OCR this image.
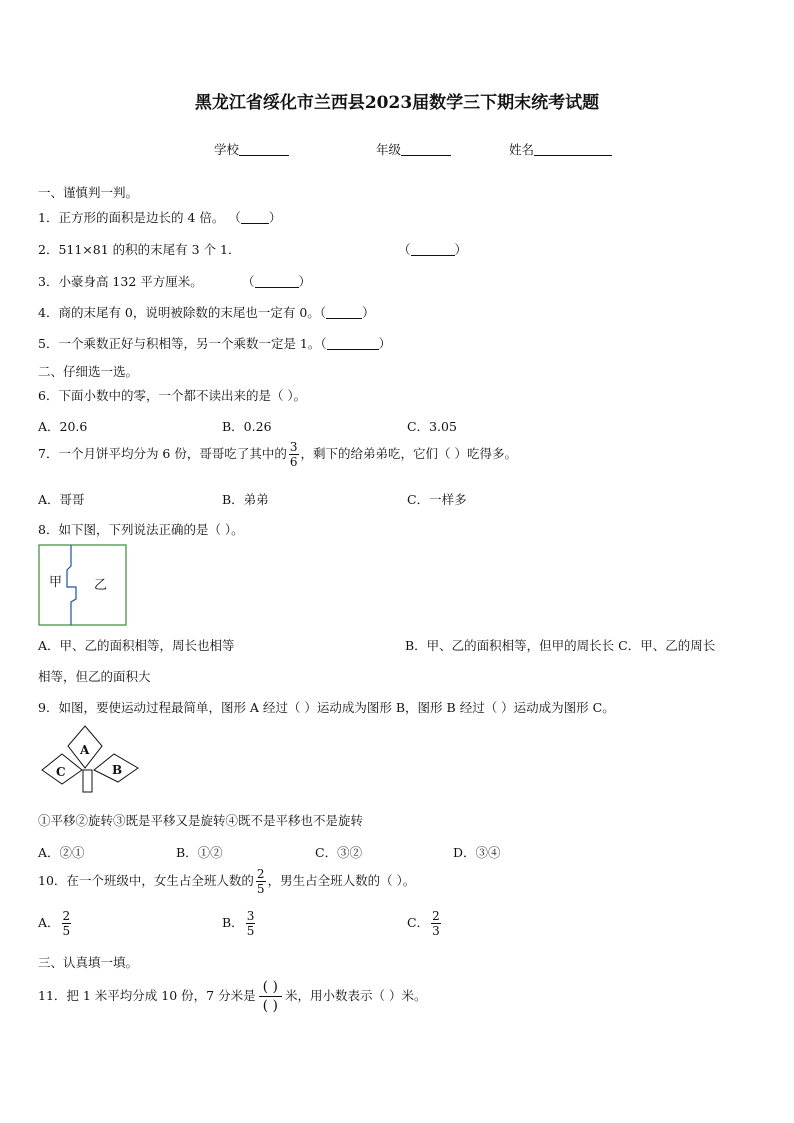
黑龙江省绥化市兰西县2023届数学三下期末统考试题
学校	年级	姓名
一、谨慎判一判。
1．正方形的面积是边长的 4 倍。 （ ）
2．511×81 的积的末尾有 3 个 1．	（	）
3．小豪身高 132 平方厘米。	（	）
4．商的末尾有 0，说明被除数的末尾也一定有 0。（	）
5．一个乘数正好与积相等，另一个乘数一定是 1。（	）
二、仔细选一选。
6．下面小数中的零，一个都不读出来的是（ ）。
A．20.6	B．0.26	C．3.05
7．一个月饼平均分为 6 份，哥哥吃了其中的 $\frac{3}{6}$ ，剩下的给弟弟吃，它们（ ）吃得多。
A．哥哥	B．弟弟	C．一样多
8．如下图，下列说法正确的是（ ）。
甲 乙
A．甲、乙的面积相等，周长也相等	B．甲、乙的面积相等，但甲的周长长 C．甲、乙的周长
相等，但乙的面积大
9．如图，要使运动过程最简单，图形 A 经过（ ）运动成为图形 B，图形 B 经过（ ）运动成为图形 C。
A
B
C
①平移②旋转③既是平移又是旋转④既不是平移也不是旋转
A．②①	B．①②	C．③②	D．③④
10．在一个班级中，女生占全班人数的 $\frac{2}{5}$ ，男生占全班人数的（ ）。
A． $\frac{2}{5}$	B． $\frac{3}{5}$	C． $\frac{2}{3}$
三、认真填一填。
11．把 1 米平均分成 10 份，7 分米是 $\frac{( )}{( )}$ 米，用小数表示（ ）米。
